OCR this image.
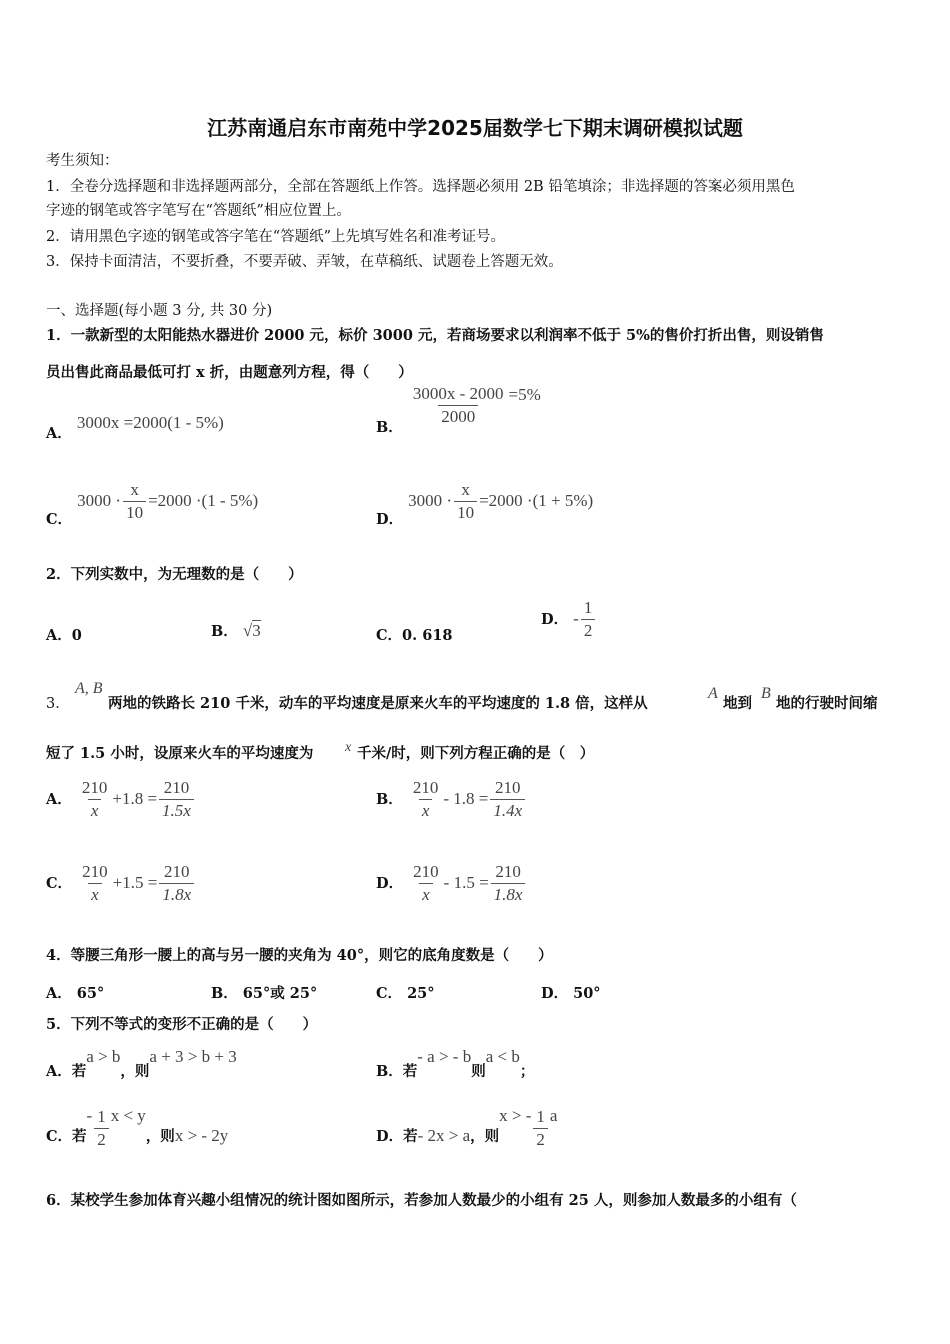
江苏南通启东市南苑中学2025届数学七下期末调研模拟试题
考生须知：
1．全卷分选择题和非选择题两部分，全部在答题纸上作答。选择题必须用 2B 铅笔填涂；非选择题的答案必须用黑色
字迹的钢笔或答字笔写在“答题纸”相应位置上。
2．请用黑色字迹的钢笔或答字笔在“答题纸”上先填写姓名和准考证号。
3．保持卡面清洁，不要折叠，不要弄破、弄皱，在草稿纸、试题卷上答题无效。
一、选择题(每小题 3 分, 共 30 分)
1．一款新型的太阳能热水器进价 2000 元，标价 3000 元，若商场要求以利润率不低于 5%的售价打折出售，则设销售
员出售此商品最低可打 x 折，由题意列方程，得（　　）
A． 3000x =2000(1 - 5%)	B．
$\frac{3000x - 2000}{2000} =5\%$
C． $3000 \cdot \frac{x}{10} =2000 \cdot(1 - 5\%)$
D． $3000 \cdot \frac{x}{10} =2000 \cdot(1 + 5\%)$
2．下列实数中，为无理数的是（　　）
A．0	B． √3	C．0. 618
D． - $\frac{1}{2}$
3．
A, B
两地的铁路长 210 千米，动车的平均速度是原来火车的平均速度的 1.8 倍，这样从
A
地到
B
地的行驶时间缩
短了 1.5 小时，设原来火车的平均速度为 x 千米/时，则下列方程正确的是（　）
A． $\frac{210}{x} +1.8 = \frac{210}{1.5x}$	B． $\frac{210}{x} - 1.8 = \frac{210}{1.4x}$
C． $\frac{210}{x} +1.5 = \frac{210}{1.8x}$	D． $\frac{210}{x} - 1.5 = \frac{210}{1.8x}$
4．等腰三角形一腰上的高与另一腰的夹角为 40°，则它的底角度数是（　　）
A． 65°	B． 65°或 25°	C． 25°	D． 50°
5．下列不等式的变形不正确的是（　　）
A．若a > b，则a + 3 > b + 3
B．若- a > - b则a < b；
C．若- $\frac{1}{2}$ x < y，则x > - 2y	D．若- 2x > a，则x > - $\frac{1}{2}$ a
6．某校学生参加体育兴趣小组情况的统计图如图所示，若参加人数最少的小组有 25 人，则参加人数最多的小组有（
